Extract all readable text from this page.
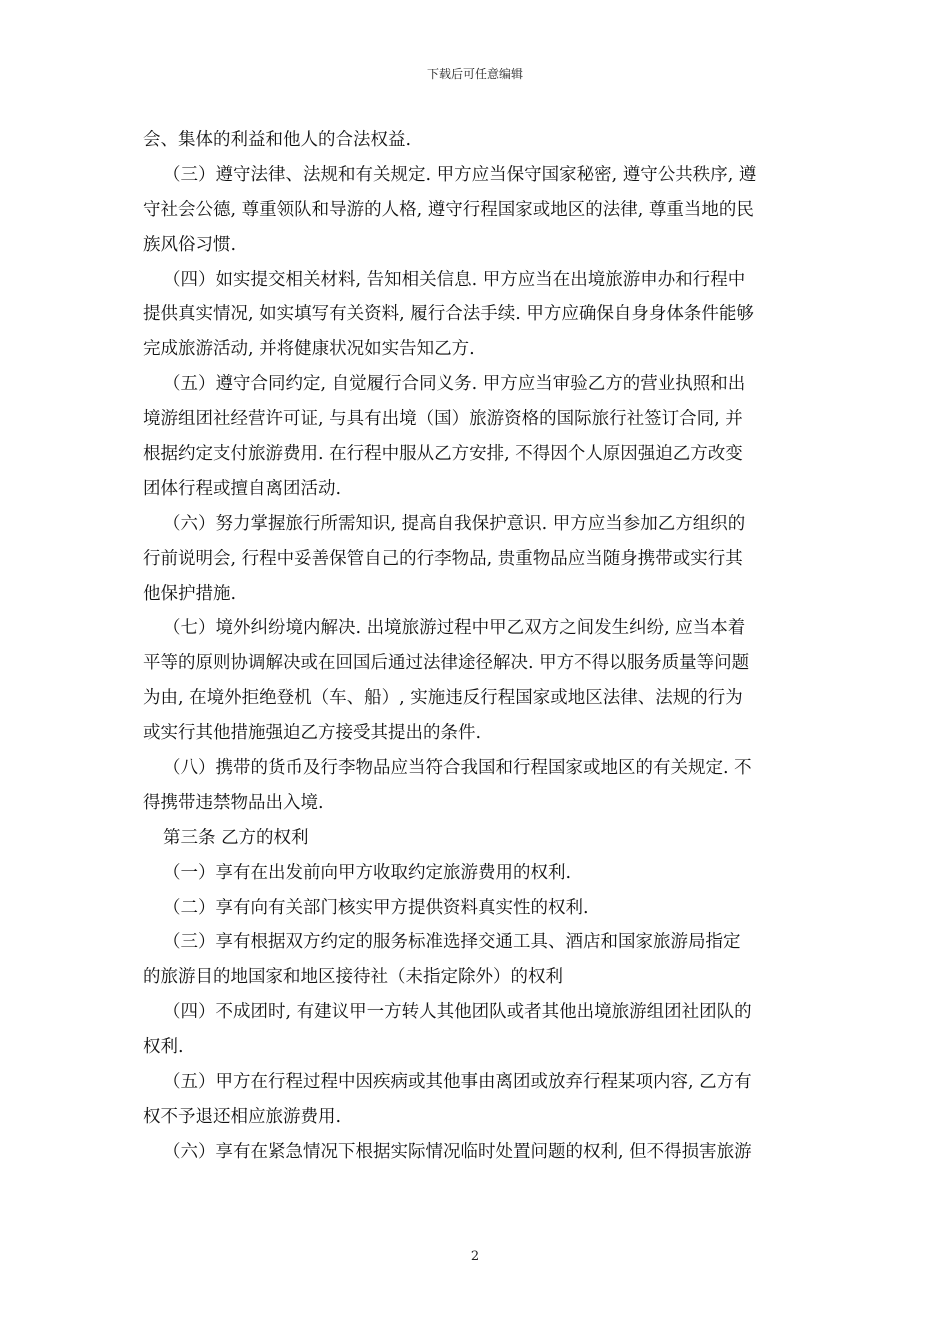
下载后可任意编辑
会、集体的利益和他人的合法权益.
（三）遵守法律、法规和有关规定. 甲方应当保守国家秘密, 遵守公共秩序, 遵
守社会公德, 尊重领队和导游的人格, 遵守行程国家或地区的法律, 尊重当地的民
族风俗习惯.
（四）如实提交相关材料, 告知相关信息. 甲方应当在出境旅游申办和行程中
提供真实情况, 如实填写有关资料, 履行合法手续. 甲方应确保自身身体条件能够
完成旅游活动, 并将健康状况如实告知乙方.
（五）遵守合同约定, 自觉履行合同义务. 甲方应当审验乙方的营业执照和出
境游组团社经营许可证, 与具有出境（国）旅游资格的国际旅行社签订合同, 并
根据约定支付旅游费用. 在行程中服从乙方安排, 不得因个人原因强迫乙方改变
团体行程或擅自离团活动.
（六）努力掌握旅行所需知识, 提高自我保护意识. 甲方应当参加乙方组织的
行前说明会, 行程中妥善保管自己的行李物品, 贵重物品应当随身携带或实行其
他保护措施.
（七）境外纠纷境内解决. 出境旅游过程中甲乙双方之间发生纠纷, 应当本着
平等的原则协调解决或在回国后通过法律途径解决. 甲方不得以服务质量等问题
为由, 在境外拒绝登机（车、船）, 实施违反行程国家或地区法律、法规的行为
或实行其他措施强迫乙方接受其提出的条件.
（八）携带的货币及行李物品应当符合我国和行程国家或地区的有关规定. 不
得携带违禁物品出入境.
第三条 乙方的权利
（一）享有在出发前向甲方收取约定旅游费用的权利.
（二）享有向有关部门核实甲方提供资料真实性的权利.
（三）享有根据双方约定的服务标准选择交通工具、酒店和国家旅游局指定
的旅游目的地国家和地区接待社（未指定除外）的权利
（四）不成团时, 有建议甲一方转人其他团队或者其他出境旅游组团社团队的
权利.
（五）甲方在行程过程中因疾病或其他事由离团或放弃行程某项内容, 乙方有
权不予退还相应旅游费用.
（六）享有在紧急情况下根据实际情况临时处置问题的权利, 但不得损害旅游
2
